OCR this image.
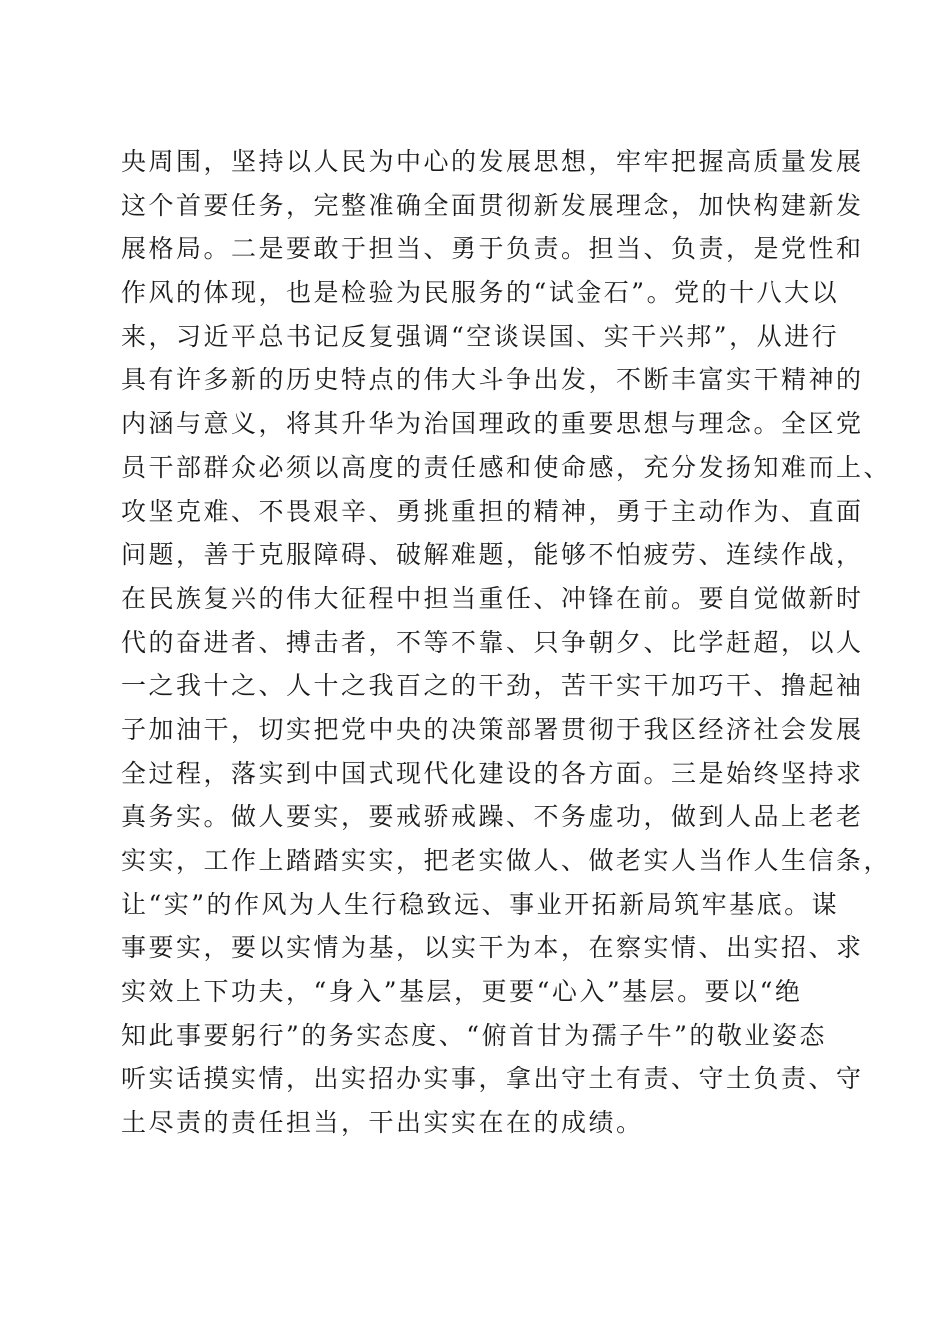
央周围，坚持以人民为中心的发展思想，牢牢把握高质量发展
这个首要任务，完整准确全面贯彻新发展理念，加快构建新发
展格局。二是要敢于担当、勇于负责。担当、负责，是党性和
作风的体现，也是检验为民服务的“试金石”。党的十八大以
来，习近平总书记反复强调“空谈误国、实干兴邦”，从进行
具有许多新的历史特点的伟大斗争出发，不断丰富实干精神的
内涵与意义，将其升华为治国理政的重要思想与理念。全区党
员干部群众必须以高度的责任感和使命感，充分发扬知难而上、
攻坚克难、不畏艰辛、勇挑重担的精神，勇于主动作为、直面
问题，善于克服障碍、破解难题，能够不怕疲劳、连续作战，
在民族复兴的伟大征程中担当重任、冲锋在前。要自觉做新时
代的奋进者、搏击者，不等不靠、只争朝夕、比学赶超，以人
一之我十之、人十之我百之的干劲，苦干实干加巧干、撸起袖
子加油干，切实把党中央的决策部署贯彻于我区经济社会发展
全过程，落实到中国式现代化建设的各方面。三是始终坚持求
真务实。做人要实，要戒骄戒躁、不务虚功，做到人品上老老
实实，工作上踏踏实实，把老实做人、做老实人当作人生信条，
让“实”的作风为人生行稳致远、事业开拓新局筑牢基底。谋
事要实，要以实情为基，以实干为本，在察实情、出实招、求
实效上下功夫，“身入”基层，更要“心入”基层。要以“绝
知此事要躬行”的务实态度、“俯首甘为孺子牛”的敬业姿态
听实话摸实情，出实招办实事，拿出守土有责、守土负责、守
土尽责的责任担当，干出实实在在的成绩。
